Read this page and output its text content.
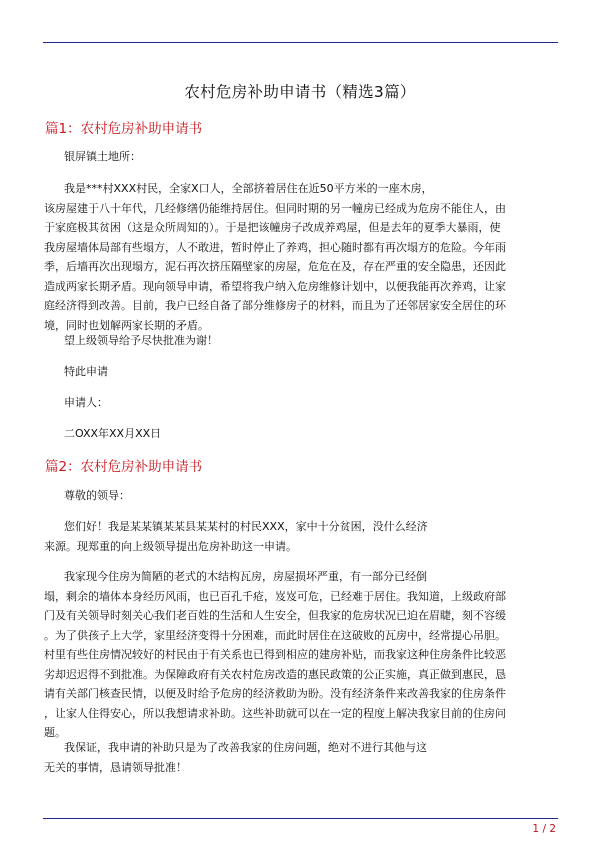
农村危房补助申请书（精选3篇）
篇1：农村危房补助申请书
银屏镇土地所：
我是***村XXX村民，全家X口人，全部挤着居住在近50平方米的一座木房，
该房屋建于八十年代，几经修缮仍能维持居住。但同时期的另一幢房已经成为危房不能住人，由
于家庭极其贫困（这是众所周知的）。于是把该幢房子改成养鸡屋，但是去年的夏季大暴雨，使
我房屋墙体局部有些塌方，人不敢进，暂时停止了养鸡，担心随时都有再次塌方的危险。今年雨
季，后墙再次出现塌方，泥石再次挤压隔壁家的房屋，危危在及，存在严重的安全隐患，还因此
造成两家长期矛盾。现向领导申请，希望将我户纳入危房维修计划中，以便我能再次养鸡，让家
庭经济得到改善。目前，我户已经自备了部分维修房子的材料，而且为了还邻居家安全居住的环
境，同时也划解两家长期的矛盾。
望上级领导给予尽快批准为谢！
特此申请
申请人：
二OXX年XX月XX日
篇2：农村危房补助申请书
尊敬的领导：
您们好！我是某某镇某某县某某村的村民XXX，家中十分贫困，没什么经济
来源。现郑重的向上级领导提出危房补助这一申请。
我家现今住房为简陋的老式的木结构瓦房，房屋损坏严重，有一部分已经倒
塌，剩余的墙体本身经历风雨，也已百孔千疮，岌岌可危，已经难于居住。我知道，上级政府部
门及有关领导时刻关心我们老百姓的生活和人生安全，但我家的危房状况已迫在眉睫，刻不容缓
。为了供孩子上大学，家里经济变得十分困难，而此时居住在这破败的瓦房中，经常提心吊胆。
村里有些住房情况较好的村民由于有关系也已得到相应的建房补贴，而我家这种住房条件比较恶
劣却迟迟得不到批准。为保障政府有关农村危房改造的惠民政策的公正实施，真正做到惠民，恳
请有关部门核查民情，以便及时给予危房的经济救助为盼。没有经济条件来改善我家的住房条件
，让家人住得安心，所以我想请求补助。这些补助就可以在一定的程度上解决我家目前的住房问
题。
我保证，我申请的补助只是为了改善我家的住房问题，绝对不进行其他与这
无关的事情，恳请领导批准！
1 / 2
